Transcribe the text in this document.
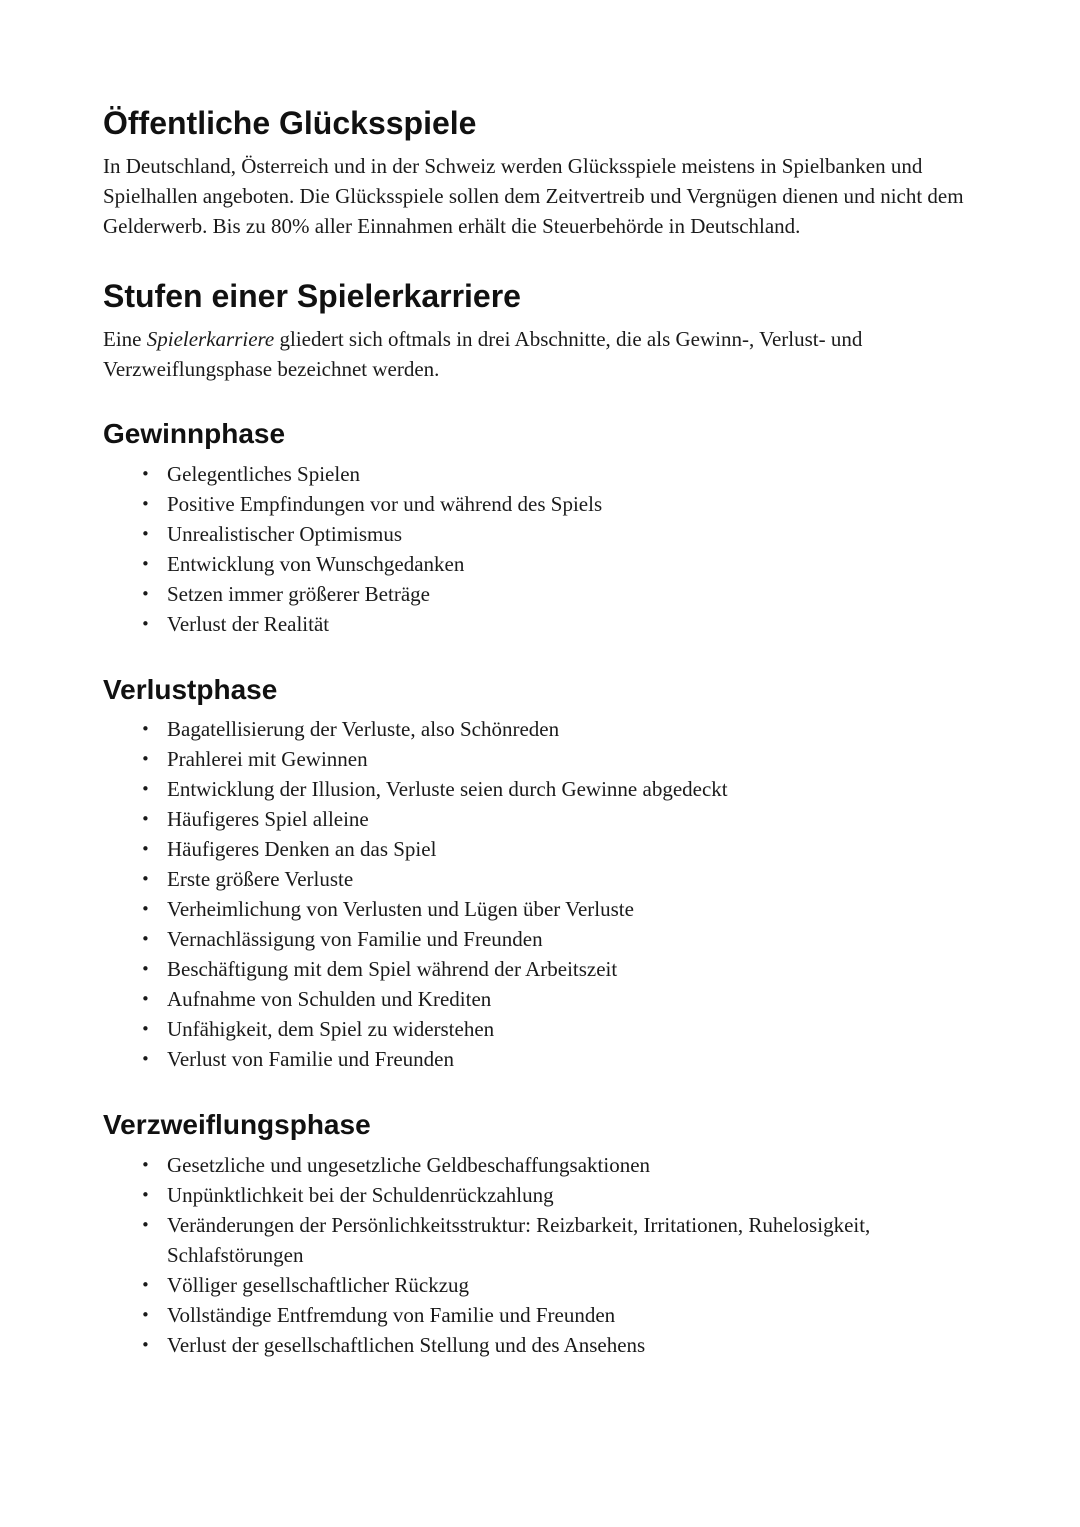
Öffentliche Glücksspiele

In Deutschland, Österreich und in der Schweiz werden Glücksspiele meistens in Spielbanken und Spielhallen angeboten. Die Glücksspiele sollen dem Zeitvertreib und Vergnügen dienen und nicht dem Gelderwerb. Bis zu 80% aller Einnahmen erhält die Steuerbehörde in Deutschland.

Stufen einer Spielerkarriere

Eine Spielerkarriere gliedert sich oftmals in drei Abschnitte, die als Gewinn-, Verlust- und Verzweiflungsphase bezeichnet werden.

Gewinnphase
• Gelegentliches Spielen
• Positive Empfindungen vor und während des Spiels
• Unrealistischer Optimismus
• Entwicklung von Wunschgedanken
• Setzen immer größerer Beträge
• Verlust der Realität
Verlustphase
• Bagatellisierung der Verluste, also Schönreden
• Prahlerei mit Gewinnen
• Entwicklung der Illusion, Verluste seien durch Gewinne abgedeckt
• Häufigeres Spiel alleine
• Häufigeres Denken an das Spiel
• Erste größere Verluste
• Verheimlichung von Verlusten und Lügen über Verluste
• Vernachlässigung von Familie und Freunden
• Beschäftigung mit dem Spiel während der Arbeitszeit
• Aufnahme von Schulden und Krediten
• Unfähigkeit, dem Spiel zu widerstehen
• Verlust von Familie und Freunden
Verzweiflungsphase
• Gesetzliche und ungesetzliche Geldbeschaffungsaktionen
• Unpünktlichkeit bei der Schuldenrückzahlung
• Veränderungen der Persönlichkeitsstruktur: Reizbarkeit, Irritationen, Ruhelosigkeit, Schlafstörungen
• Völliger gesellschaftlicher Rückzug
• Vollständige Entfremdung von Familie und Freunden
• Verlust der gesellschaftlichen Stellung und des Ansehens
